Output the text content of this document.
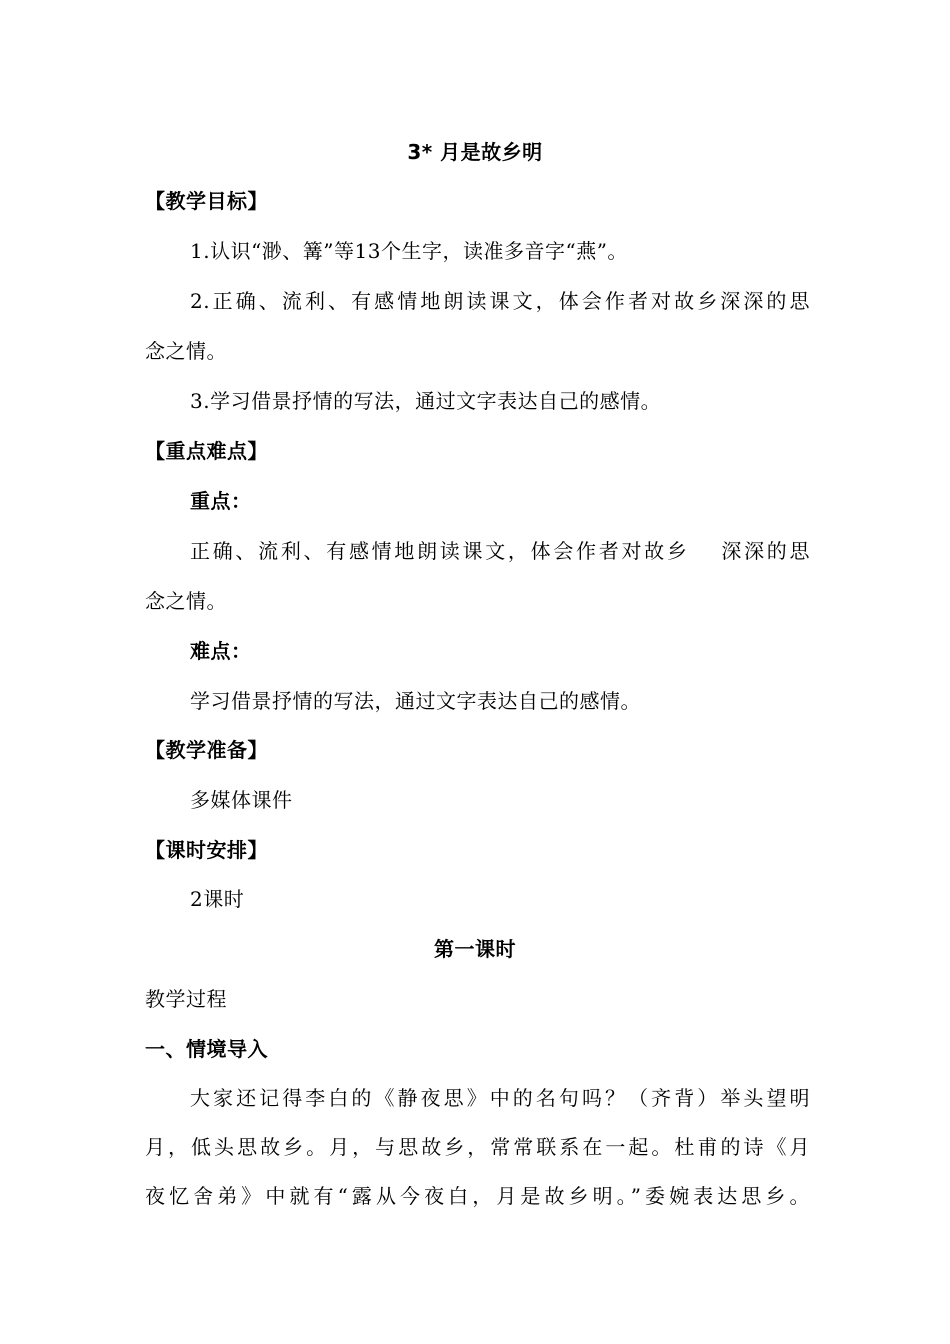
3* 月是故乡明
【教学目标】
1.认识“渺、篝”等13个生字，读准多音字“燕”。
2.正确、流利、有感情地朗读课文，体会作者对故乡深深的思
念之情。
3.学习借景抒情的写法，通过文字表达自己的感情。
【重点难点】
重点：
正确、流利、有感情地朗读课文，体会作者对故乡　 深深的思
念之情。
难点：
学习借景抒情的写法，通过文字表达自己的感情。
【教学准备】
多媒体课件
【课时安排】
2课时
第一课时
教学过程
一、情境导入
大家还记得李白的《静夜思》中的名句吗？（齐背）举头望明
月，低头思故乡。月，与思故乡，常常联系在一起。杜甫的诗《月
夜忆舍弟》中就有“露从今夜白，月是故乡明。”委婉表达思乡。
